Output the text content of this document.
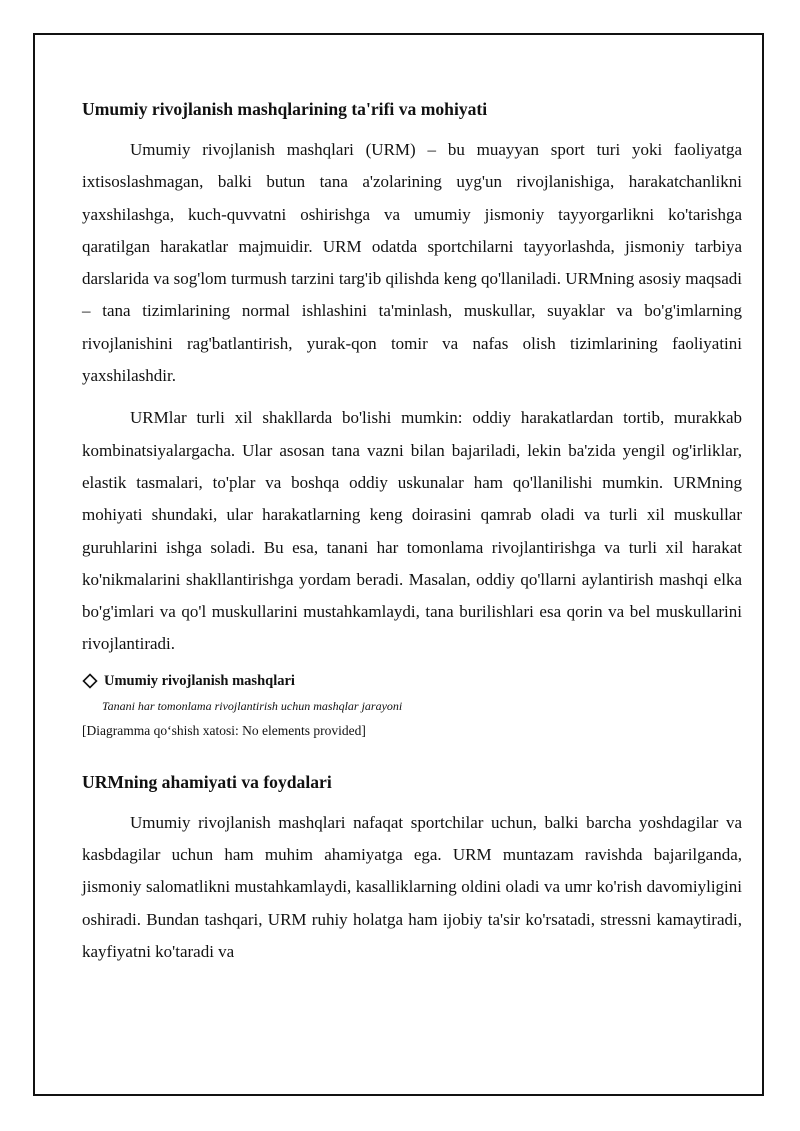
Umumiy rivojlanish mashqlarining ta'rifi va mohiyati

Umumiy rivojlanish mashqlari (URM) – bu muayyan sport turi yoki faoliyatga ixtisoslashmagan, balki butun tana a'zolarining uyg'un rivojlanishiga, harakatchanlikni yaxshilashga, kuch-quvvatni oshirishga va umumiy jismoniy tayyorgarlikni ko'tarishga qaratilgan harakatlar majmuidir. URM odatda sportchilarni tayyorlashda, jismoniy tarbiya darslarida va sog'lom turmush tarzini targ'ib qilishda keng qo'llaniladi. URMning asosiy maqsadi – tana tizimlarining normal ishlashini ta'minlash, muskullar, suyaklar va bo'g'imlarning rivojlanishini rag'batlantirish, yurak-qon tomir va nafas olish tizimlarining faoliyatini yaxshilashdir.

URMlar turli xil shakllarda bo'lishi mumkin: oddiy harakatlardan tortib, murakkab kombinatsiyalargacha. Ular asosan tana vazni bilan bajariladi, lekin ba'zida yengil og'irliklar, elastik tasmalari, to'plar va boshqa oddiy uskunalar ham qo'llanilishi mumkin. URMning mohiyati shundaki, ular harakatlarning keng doirasini qamrab oladi va turli xil muskullar guruhlarini ishga soladi. Bu esa, tanani har tomonlama rivojlantirishga va turli xil harakat ko'nikmalarini shakllantirishga yordam beradi. Masalan, oddiy qo'llarni aylantirish mashqi elka bo'g'imlari va qo'l muskullarini mustahkamlaydi, tana burilishlari esa qorin va bel muskullarini rivojlantiradi.

Umumiy rivojlanish mashqlari
Tanani har tomonlama rivojlantirish uchun mashqlar jarayoni
[Diagramma qo‘shish xatosi: No elements provided]
URMning ahamiyati va foydalari

Umumiy rivojlanish mashqlari nafaqat sportchilar uchun, balki barcha yoshdagilar va kasbdagilar uchun ham muhim ahamiyatga ega. URM muntazam ravishda bajarilganda, jismoniy salomatlikni mustahkamlaydi, kasalliklarning oldini oladi va umr ko'rish davomiyligini oshiradi. Bundan tashqari, URM ruhiy holatga ham ijobiy ta'sir ko'rsatadi, stressni kamaytiradi, kayfiyatni ko'taradi va
